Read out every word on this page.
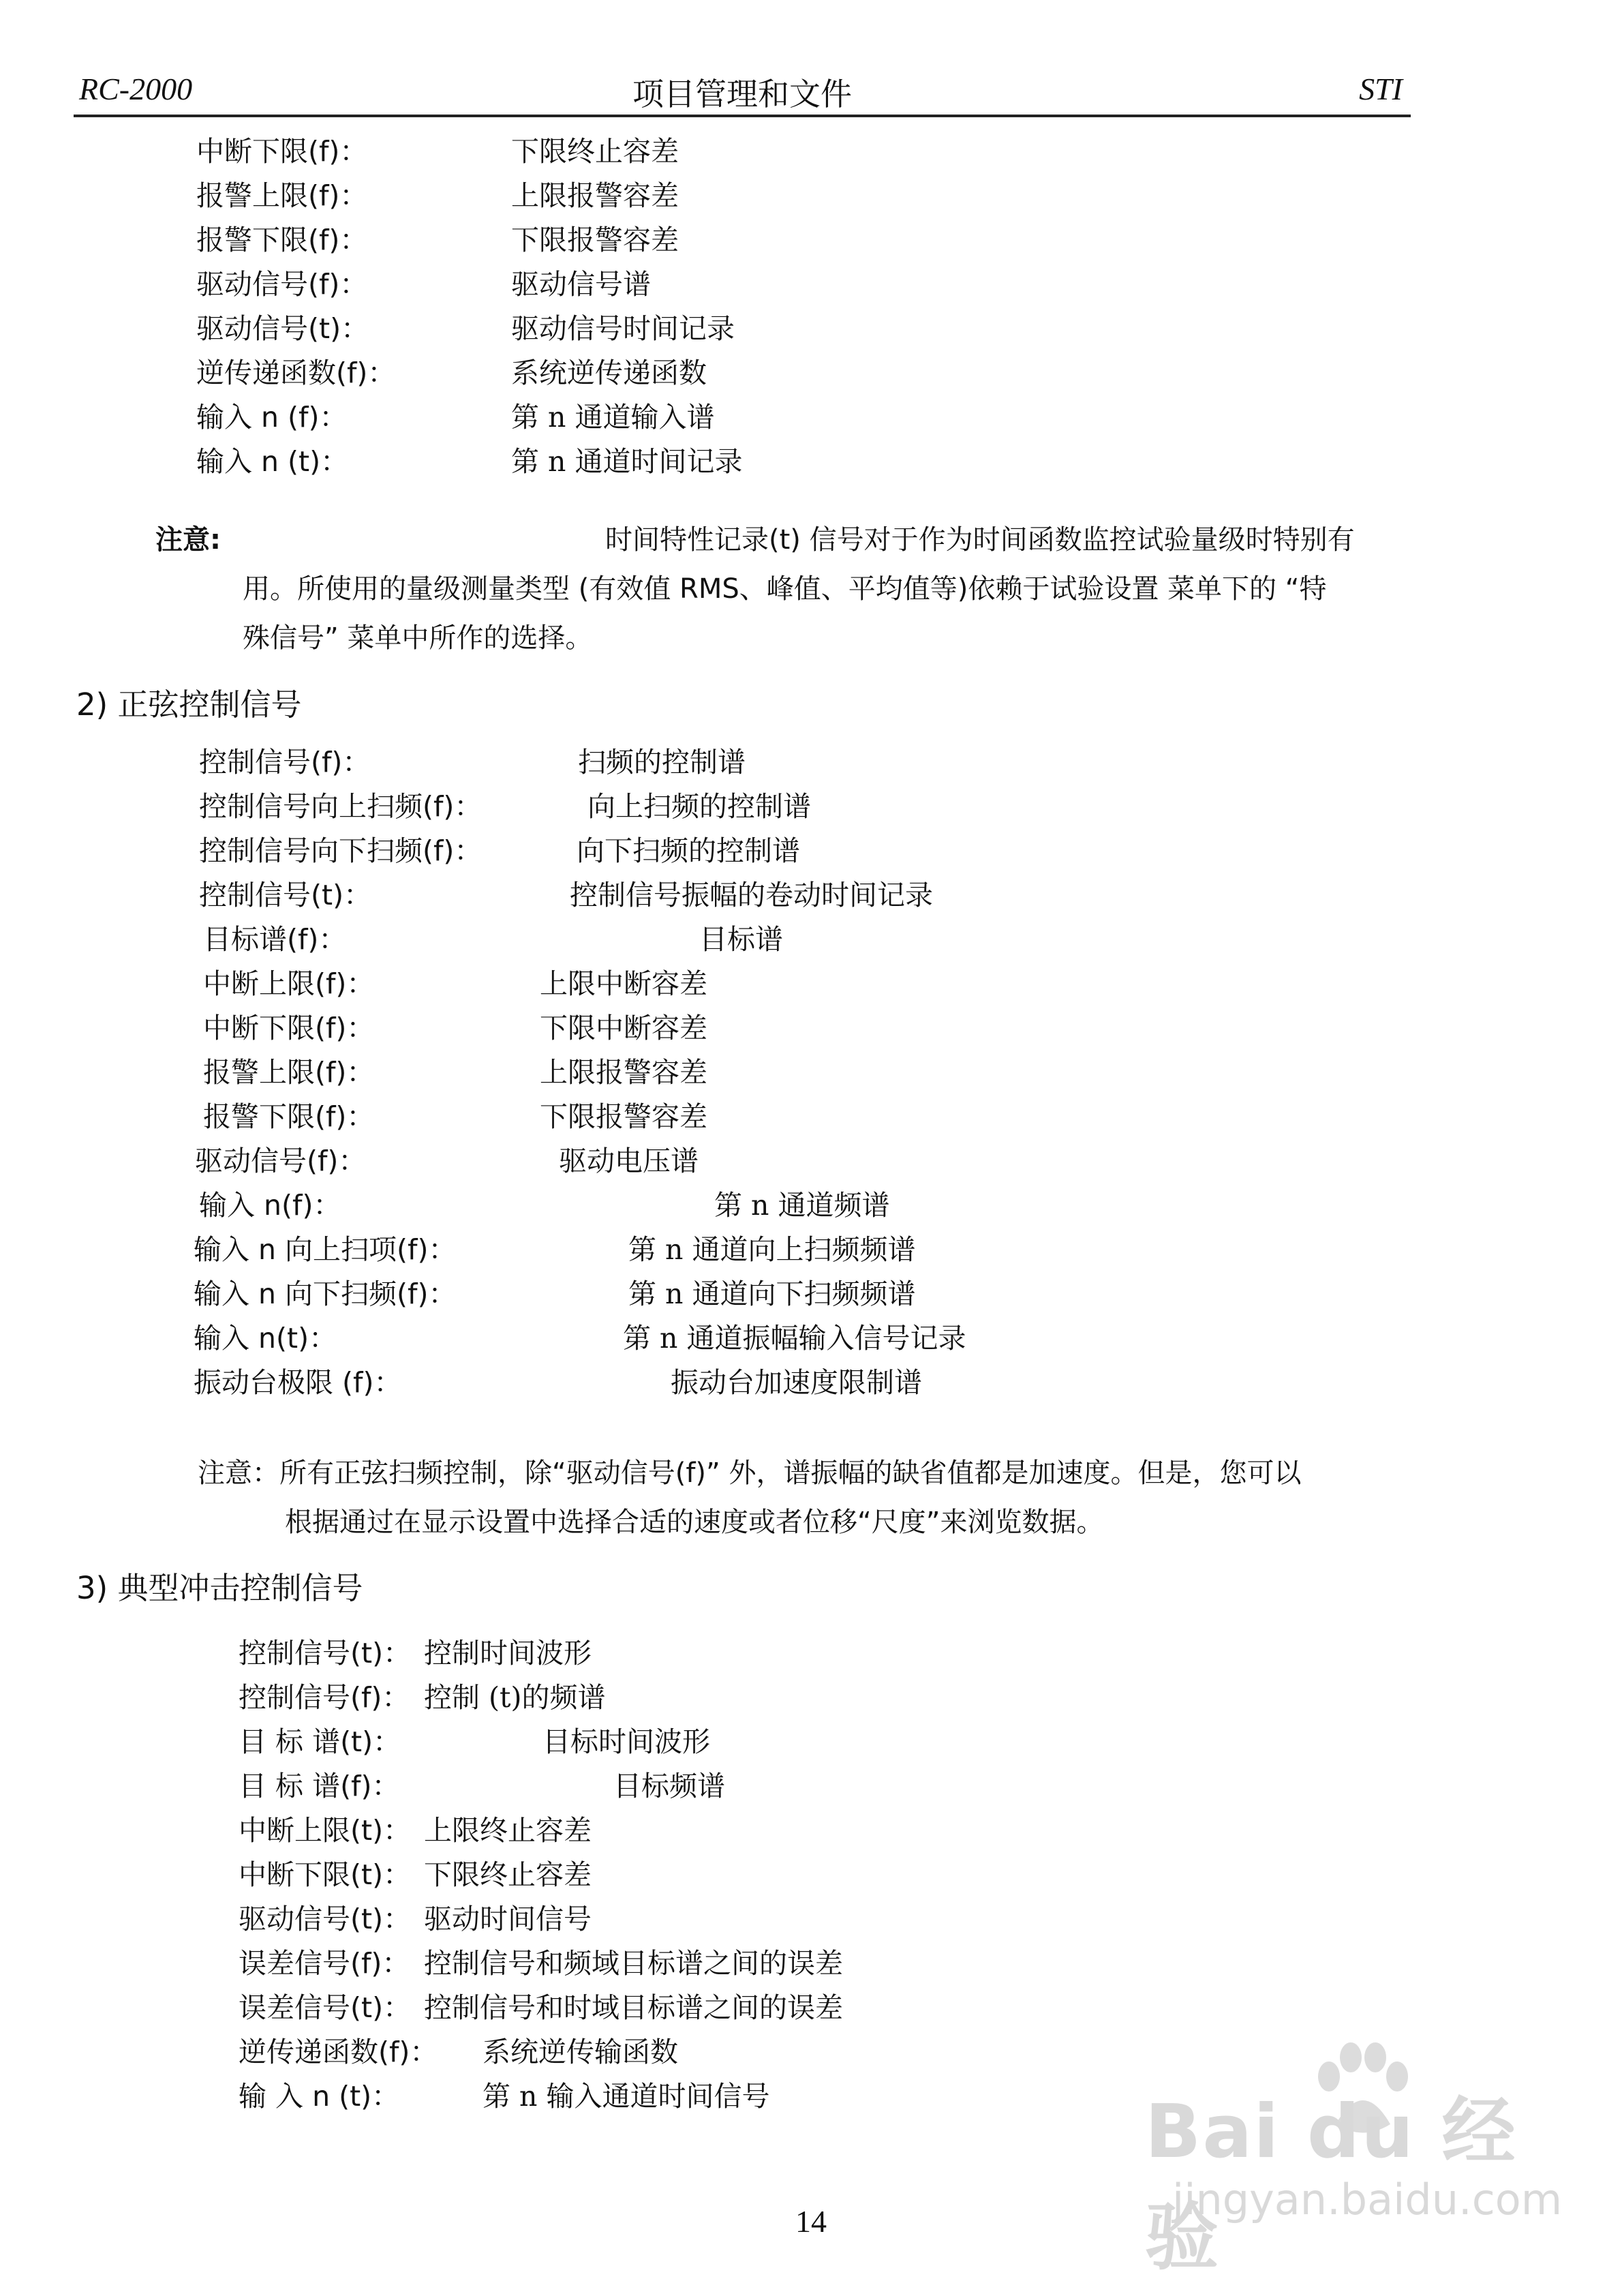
RC-2000	项目管理和文件	STI
中断下限(f)：	下限终止容差
报警上限(f)：	上限报警容差
报警下限(f)：	下限报警容差
驱动信号(f)：	驱动信号谱
驱动信号(t)：	驱动信号时间记录
逆传递函数(f)：	系统逆传递函数
输入 n (f)：	第 n 通道输入谱
输入 n (t)：	第 n 通道时间记录
注意:	时间特性记录(t) 信号对于作为时间函数监控试验量级时特别有
用。所使用的量级测量类型 (有效值 RMS、峰值、平均值等)依赖于试验设置 菜单下的 “特
殊信号” 菜单中所作的选择。
2) 正弦控制信号
控制信号(f)：	扫频的控制谱
控制信号向上扫频(f)：	向上扫频的控制谱
控制信号向下扫频(f)：	向下扫频的控制谱
控制信号(t)：	控制信号振幅的卷动时间记录
目标谱(f)：	目标谱
中断上限(f)：	上限中断容差
中断下限(f)：	下限中断容差
报警上限(f)：	上限报警容差
报警下限(f)：	下限报警容差
驱动信号(f)：	驱动电压谱
输入 n(f)：	第 n 通道频谱
输入 n 向上扫项(f)：	第 n 通道向上扫频频谱
输入 n 向下扫频(f)：	第 n 通道向下扫频频谱
输入 n(t)：	第 n 通道振幅输入信号记录
振动台极限 (f)：	振动台加速度限制谱
注意：所有正弦扫频控制，除“驱动信号(f)” 外，谱振幅的缺省值都是加速度。但是，您可以
根据通过在显示设置中选择合适的速度或者位移“尺度”来浏览数据。
3) 典型冲击控制信号
控制信号(t)： 控制时间波形
控制信号(f)： 控制 (t)的频谱
目 标 谱(t)：	目标时间波形
目 标 谱(f)：	目标频谱
中断上限(t)： 上限终止容差
中断下限(t)： 下限终止容差
驱动信号(t)： 驱动时间信号
误差信号(f)： 控制信号和频域目标谱之间的误差
误差信号(t)： 控制信号和时域目标谱之间的误差
逆传递函数(f)： 系统逆传输函数
输 入 n (t)：	第 n 输入通道时间信号	Bai du 经验
jingyan.baidu.com
14
